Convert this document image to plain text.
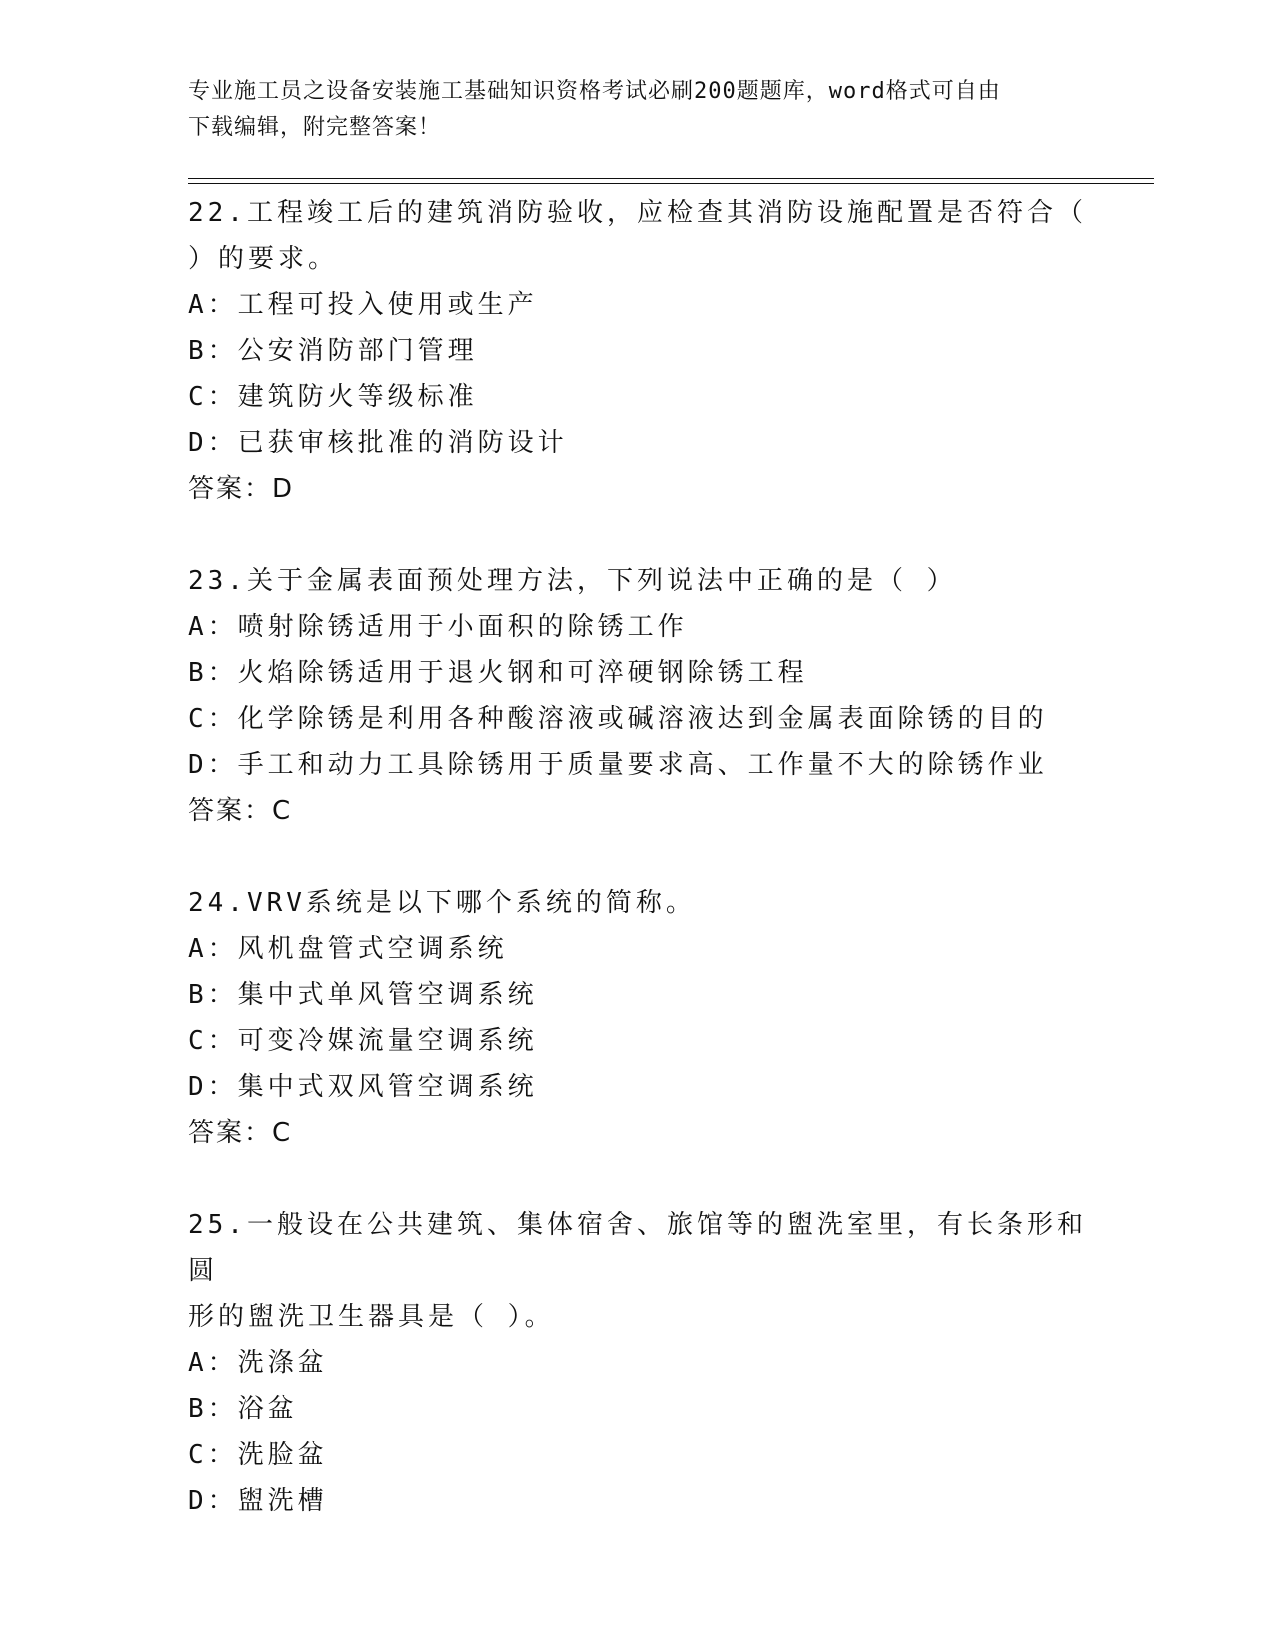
专业施工员之设备安装施工基础知识资格考试必刷200题题库，word格式可自由
下载编辑，附完整答案！

22.工程竣工后的建筑消防验收，应检查其消防设施配置是否符合（

）的要求。

A：工程可投入使用或生产

B：公安消防部门管理

C：建筑防火等级标准

D：已获审核批准的消防设计

答案：D

23.关于金属表面预处理方法，下列说法中正确的是（ ）

A：喷射除锈适用于小面积的除锈工作

B：火焰除锈适用于退火钢和可淬硬钢除锈工程

C：化学除锈是利用各种酸溶液或碱溶液达到金属表面除锈的目的

D：手工和动力工具除锈用于质量要求高、工作量不大的除锈作业

答案：C

24.VRV系统是以下哪个系统的简称。

A：风机盘管式空调系统

B：集中式单风管空调系统

C：可变冷媒流量空调系统

D：集中式双风管空调系统

答案：C

25.一般设在公共建筑、集体宿舍、旅馆等的盥洗室里，有长条形和圆

形的盥洗卫生器具是（ ）。

A：洗涤盆

B：浴盆

C：洗脸盆

D：盥洗槽
